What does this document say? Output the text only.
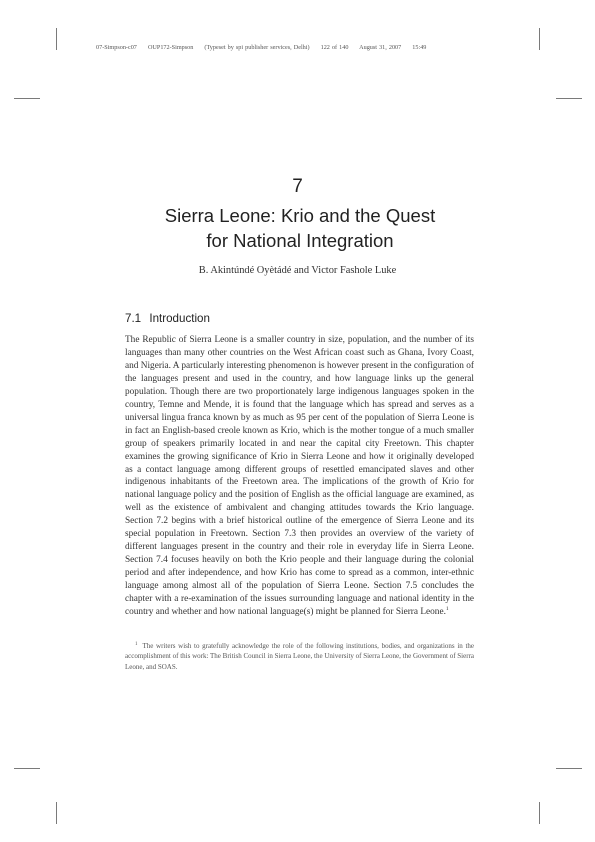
07-Simpson-c07 OUP172-Simpson (Typeset by spi publisher services, Delhi) 122 of 140 August 31, 2007 15:49
7
Sierra Leone: Krio and the Quest
for National Integration
B. Akintúndé Oyètádé and Victor Fashole Luke
7.1 Introduction
The Republic of Sierra Leone is a smaller country in size, population, and the number of its languages than many other countries on the West African coast such as Ghana, Ivory Coast, and Nigeria. A particularly interesting phenomenon is however present in the configuration of the languages present and used in the country, and how language links up the general population. Though there are two proportionately large indigenous languages spoken in the country, Temne and Mende, it is found that the language which has spread and serves as a universal lingua franca known by as much as 95 per cent of the population of Sierra Leone is in fact an English-based creole known as Krio, which is the mother tongue of a much smaller group of speakers primarily located in and near the capital city Freetown. This chapter examines the growing significance of Krio in Sierra Leone and how it originally developed as a contact language among different groups of resettled emancipated slaves and other indigenous inhabitants of the Freetown area. The implications of the growth of Krio for national language policy and the position of English as the official language are examined, as well as the existence of ambivalent and changing attitudes towards the Krio language. Section 7.2 begins with a brief historical outline of the emergence of Sierra Leone and its special population in Freetown. Section 7.3 then provides an overview of the variety of different languages present in the country and their role in everyday life in Sierra Leone. Section 7.4 focuses heavily on both the Krio people and their language during the colonial period and after independence, and how Krio has come to spread as a common, inter-ethnic language among almost all of the population of Sierra Leone. Section 7.5 concludes the chapter with a re-examination of the issues surrounding language and national identity in the country and whether and how national language(s) might be planned for Sierra Leone.$^1$
$^1$ The writers wish to gratefully acknowledge the role of the following institutions, bodies, and organizations in the accomplishment of this work: The British Council in Sierra Leone, the University of Sierra Leone, the Government of Sierra Leone, and SOAS.
